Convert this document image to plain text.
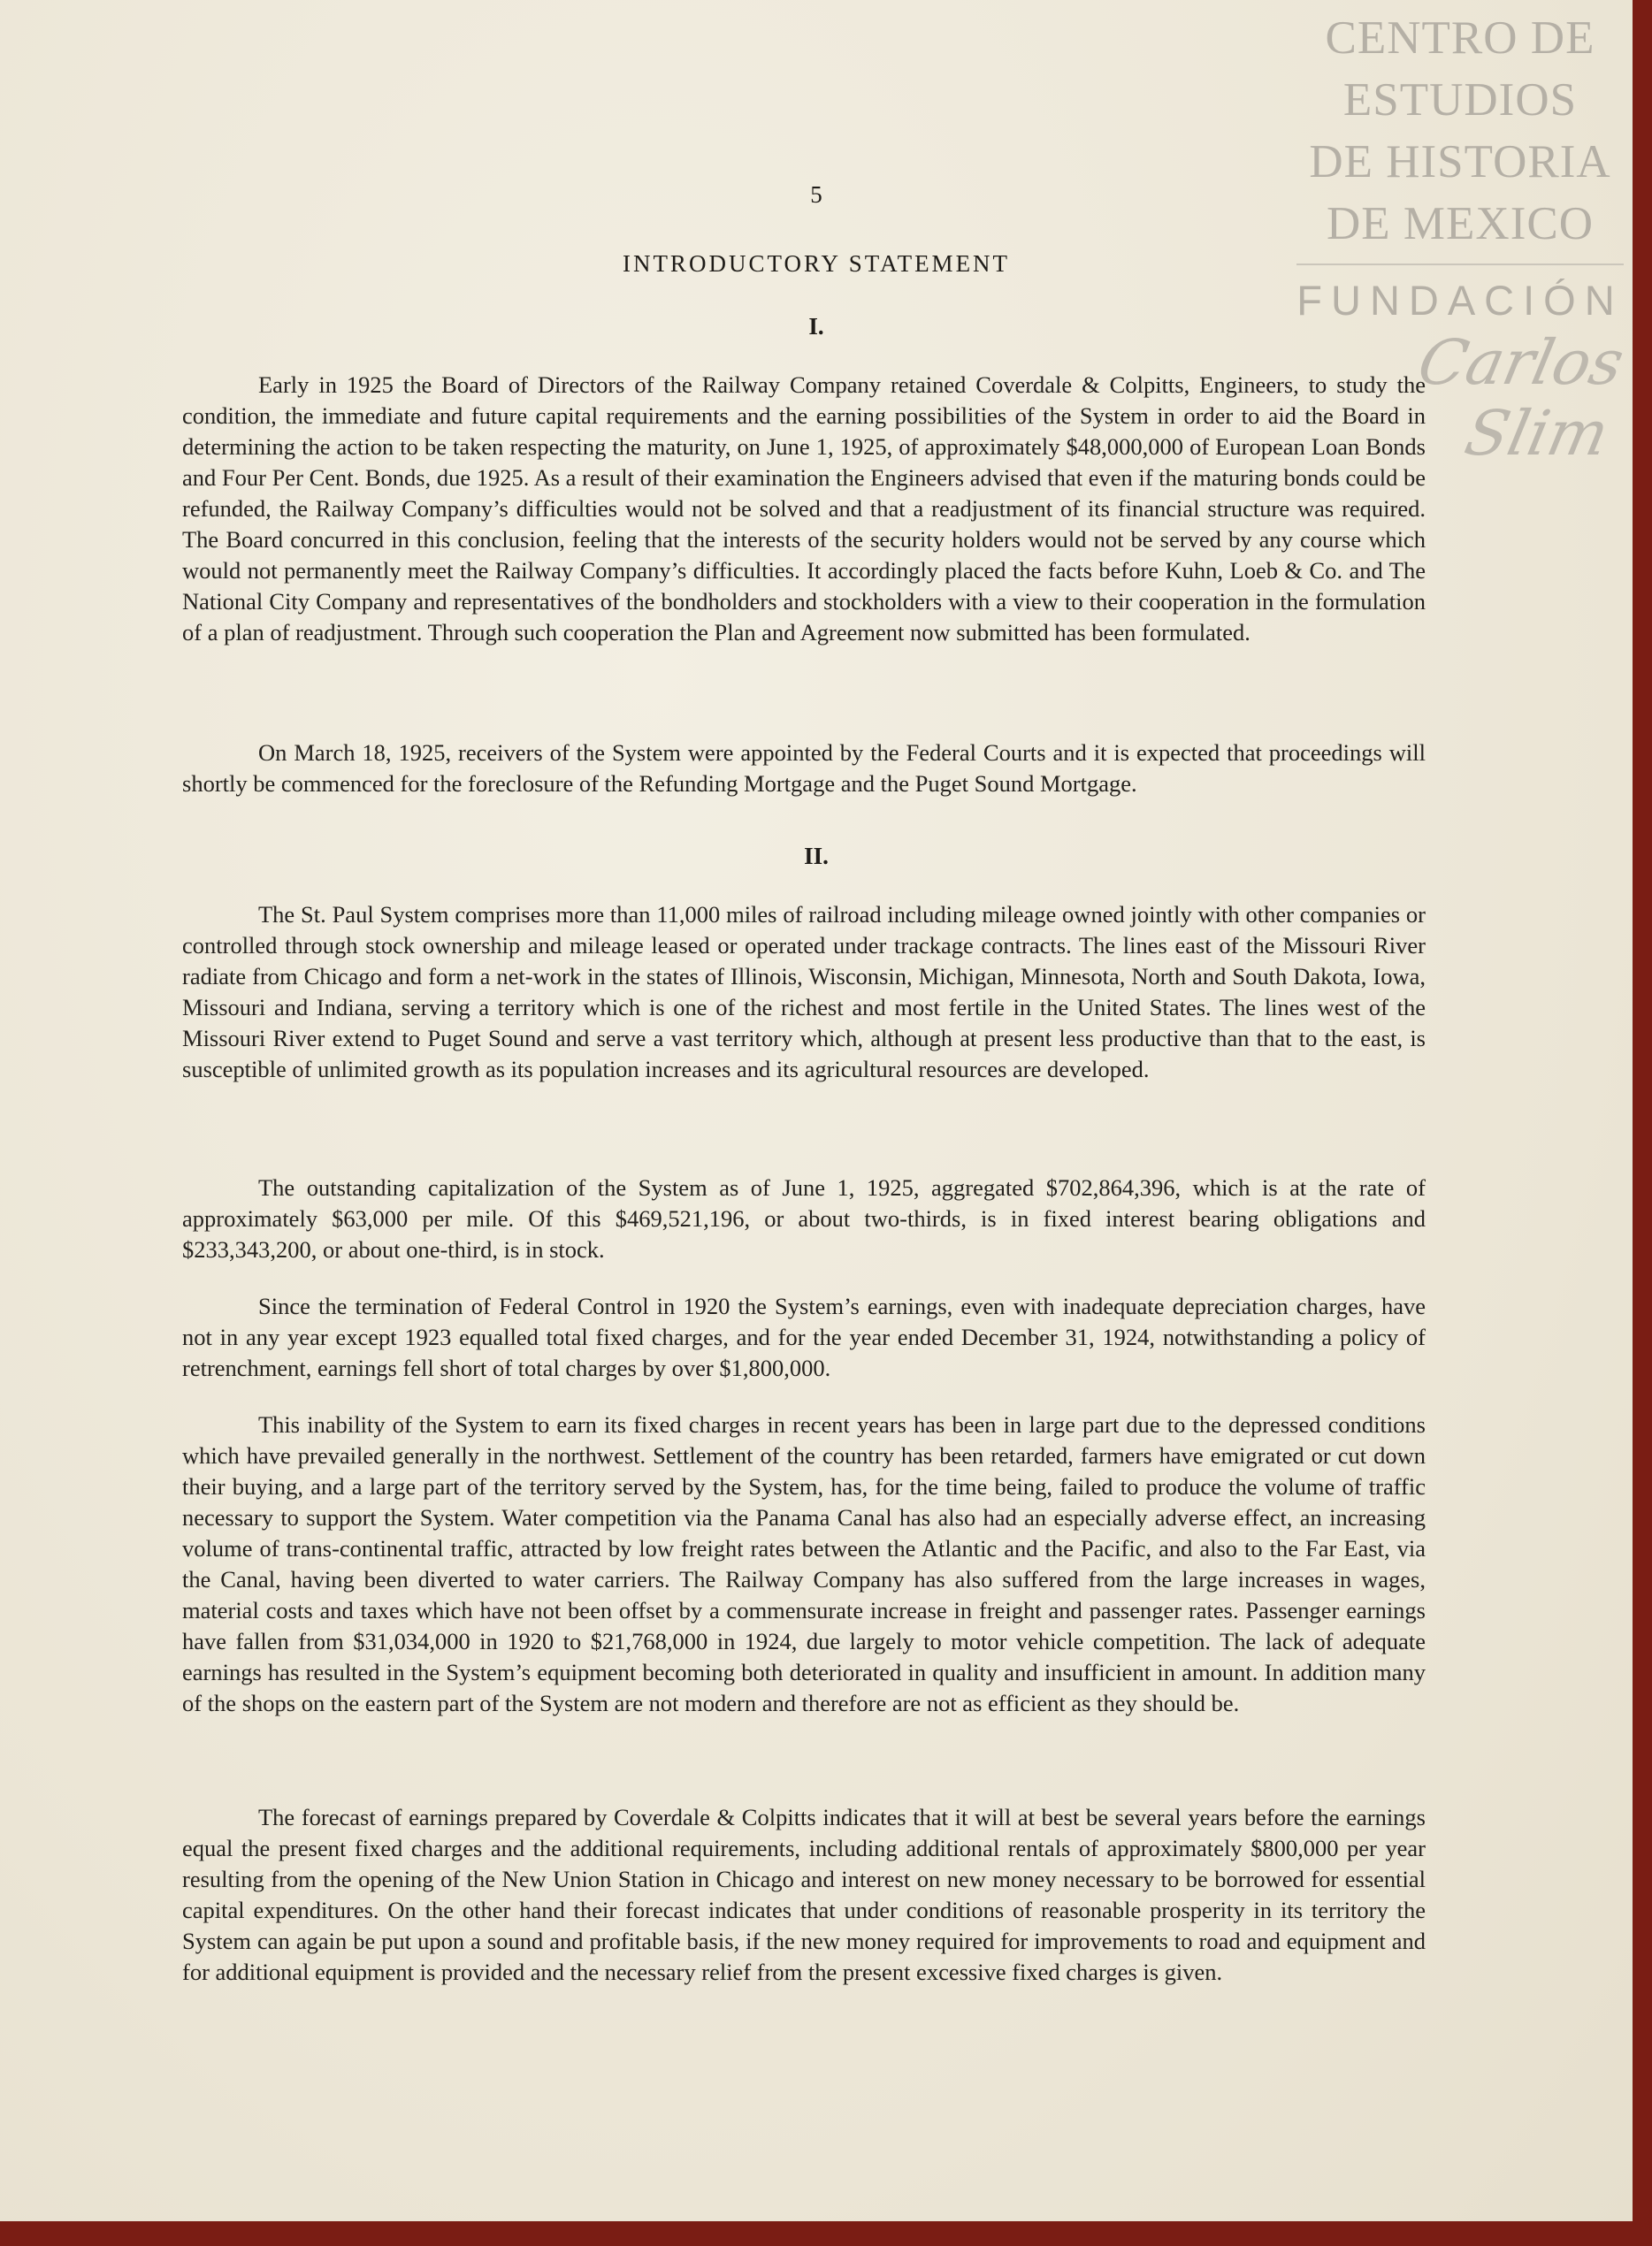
CENTRO DE
ESTUDIOS
DE HISTORIA
DE MEXICO
FUNDACIÓN
Carlos Slim
5
INTRODUCTORY STATEMENT
I.

Early in 1925 the Board of Directors of the Railway Company retained Coverdale & Colpitts, Engineers, to study the condition, the immediate and future capital requirements and the earning possibilities of the System in order to aid the Board in determining the action to be taken respecting the maturity, on June 1, 1925, of approximately $48,000,000 of European Loan Bonds and Four Per Cent. Bonds, due 1925. As a result of their examination the Engineers advised that even if the maturing bonds could be refunded, the Railway Company’s difficulties would not be solved and that a readjustment of its financial structure was required. The Board concurred in this conclusion, feeling that the interests of the security holders would not be served by any course which would not permanently meet the Railway Company’s difficulties. It accordingly placed the facts before Kuhn, Loeb & Co. and The National City Company and representatives of the bondholders and stockholders with a view to their cooperation in the formulation of a plan of readjustment. Through such cooperation the Plan and Agreement now submitted has been formulated.

On March 18, 1925, receivers of the System were appointed by the Federal Courts and it is expected that proceedings will shortly be commenced for the foreclosure of the Refunding Mortgage and the Puget Sound Mortgage.

II.

The St. Paul System comprises more than 11,000 miles of railroad including mileage owned jointly with other companies or controlled through stock ownership and mileage leased or operated under trackage contracts. The lines east of the Missouri River radiate from Chicago and form a net-work in the states of Illinois, Wisconsin, Michigan, Minnesota, North and South Dakota, Iowa, Missouri and Indiana, serving a territory which is one of the richest and most fertile in the United States. The lines west of the Missouri River extend to Puget Sound and serve a vast territory which, although at present less productive than that to the east, is susceptible of unlimited growth as its population increases and its agricultural resources are developed.

The outstanding capitalization of the System as of June 1, 1925, aggregated $702,864,396, which is at the rate of approximately $63,000 per mile. Of this $469,521,196, or about two-thirds, is in fixed interest bearing obligations and $233,343,200, or about one-third, is in stock.

Since the termination of Federal Control in 1920 the System’s earnings, even with inadequate depreciation charges, have not in any year except 1923 equalled total fixed charges, and for the year ended December 31, 1924, notwithstanding a policy of retrenchment, earnings fell short of total charges by over $1,800,000.

This inability of the System to earn its fixed charges in recent years has been in large part due to the depressed conditions which have prevailed generally in the northwest. Settlement of the country has been retarded, farmers have emigrated or cut down their buying, and a large part of the territory served by the System, has, for the time being, failed to produce the volume of traffic necessary to support the System. Water competition via the Panama Canal has also had an especially adverse effect, an increasing volume of trans-continental traffic, attracted by low freight rates between the Atlantic and the Pacific, and also to the Far East, via the Canal, having been diverted to water carriers. The Railway Company has also suffered from the large increases in wages, material costs and taxes which have not been offset by a commensurate increase in freight and passenger rates. Passenger earnings have fallen from $31,034,000 in 1920 to $21,768,000 in 1924, due largely to motor vehicle competition. The lack of adequate earnings has resulted in the System’s equipment becoming both deteriorated in quality and insufficient in amount. In addition many of the shops on the eastern part of the System are not modern and therefore are not as efficient as they should be.

The forecast of earnings prepared by Coverdale & Colpitts indicates that it will at best be several years before the earnings equal the present fixed charges and the additional requirements, including additional rentals of approximately $800,000 per year resulting from the opening of the New Union Station in Chicago and interest on new money necessary to be borrowed for essential capital expenditures. On the other hand their forecast indicates that under conditions of reasonable prosperity in its territory the System can again be put upon a sound and profitable basis, if the new money required for improvements to road and equipment and for additional equipment is provided and the necessary relief from the present excessive fixed charges is given.
